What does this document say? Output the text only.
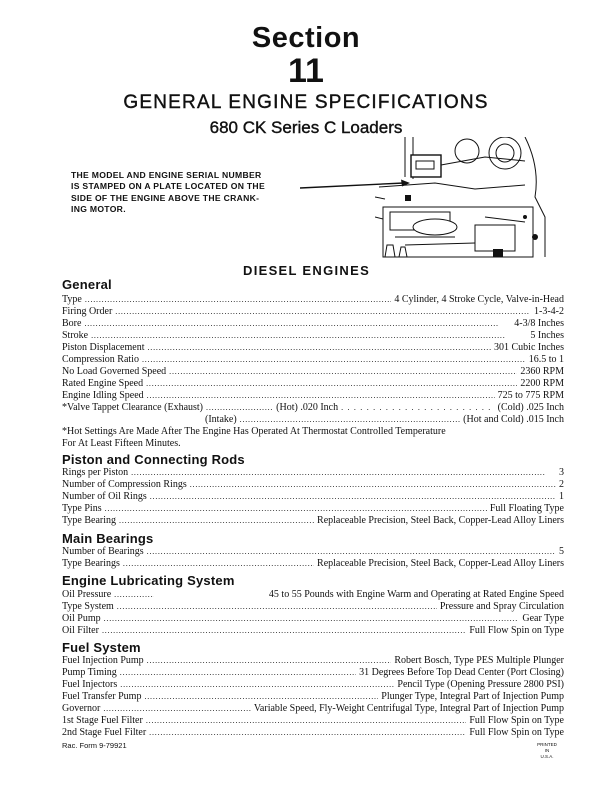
Section
11
GENERAL ENGINE SPECIFICATIONS
680 CK Series C Loaders
THE MODEL AND ENGINE SERIAL NUMBER
IS STAMPED ON A PLATE LOCATED ON THE
SIDE OF THE ENGINE ABOVE THE CRANK-
ING MOTOR.
DIESEL ENGINES
General
Type . . .	4 Cylinder, 4 Stroke Cycle, Valve-in-Head
Firing Order . . .	1-3-4-2
Bore . . .	4-3/8 Inches
Stroke . . .	5 Inches
Piston Displacement . . .	301 Cubic Inches
Compression Ratio . . .	16.5 to 1
No Load Governed Speed . . .	2360 RPM
Rated Engine Speed . . .	2200 RPM
Engine Idling Speed . . .	725 to 775 RPM
*Valve Tappet Clearance (Exhaust) . . .	(Hot) .020 Inch . . .	(Cold) .025 Inch
(Intake) . . .	(Hot and Cold) .015 Inch
*Hot Settings Are Made After The Engine Has Operated At Thermostat Controlled Temperature
For At Least Fifteen Minutes.
Piston and Connecting Rods
Rings per Piston . . .	3
Number of Compression Rings . . .	2
Number of Oil Rings . . .	1
Type Pins . . .	Full Floating Type
Type Bearing . . .	Replaceable Precision, Steel Back, Copper-Lead Alloy Liners
Main Bearings
Number of Bearings . . .	5
Type Bearings . . .	Replaceable Precision, Steel Back, Copper-Lead Alloy Liners
Engine Lubricating System
Oil Pressure . . .	45 to 55 Pounds with Engine Warm and Operating at Rated Engine Speed
Type System . . .	Pressure and Spray Circulation
Oil Pump . . .	Gear Type
Oil Filter . . .	Full Flow Spin on Type
Fuel System
Fuel Injection Pump . . .	Robert Bosch, Type PES Multiple Plunger
Pump Timing . . .	31 Degrees Before Top Dead Center (Port Closing)
Fuel Injectors . . .	Pencil Type (Opening Pressure 2800 PSI)
Fuel Transfer Pump . . .	Plunger Type, Integral Part of Injection Pump
Governor . . .	Variable Speed, Fly-Weight Centrifugal Type, Integral Part of Injection Pump
1st Stage Fuel Filter . . .	Full Flow Spin on Type
2nd Stage Fuel Filter . . .	Full Flow Spin on Type
Rac. Form 9-79921	PRINTED
IN
U.S.A.
